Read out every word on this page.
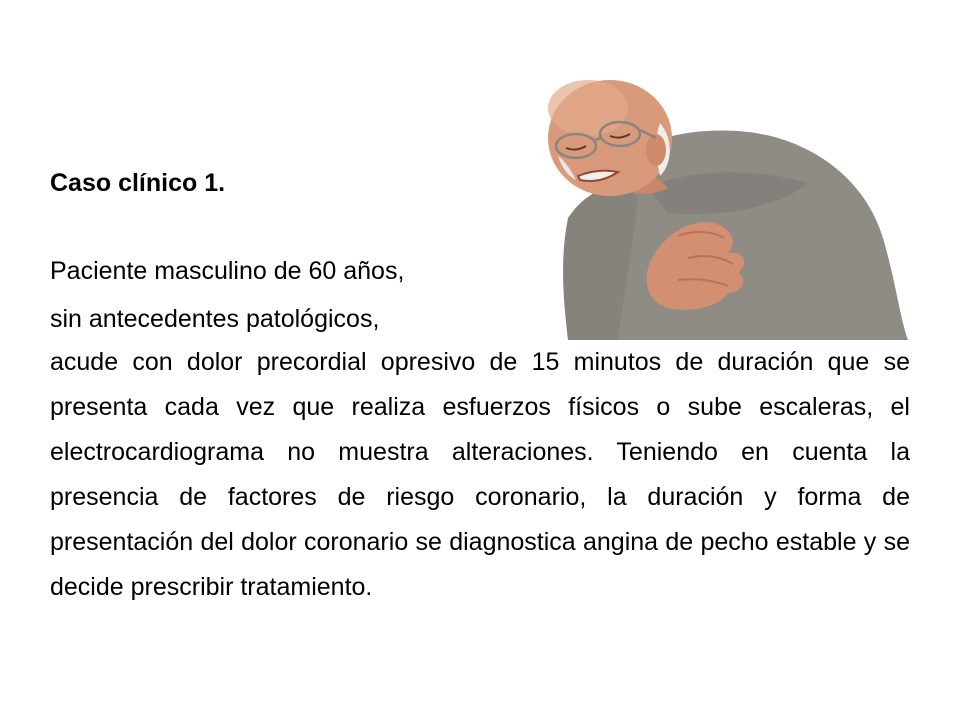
Caso clínico 1.
Paciente masculino de 60 años,
sin antecedentes patológicos,
acude con dolor precordial opresivo de 15 minutos de duración que se presenta cada vez que realiza esfuerzos físicos o sube escaleras, el electrocardiograma no muestra alteraciones. Teniendo en cuenta la presencia de factores de riesgo coronario, la duración y forma de presentación del dolor coronario se diagnostica angina de pecho estable y se decide prescribir tratamiento.
